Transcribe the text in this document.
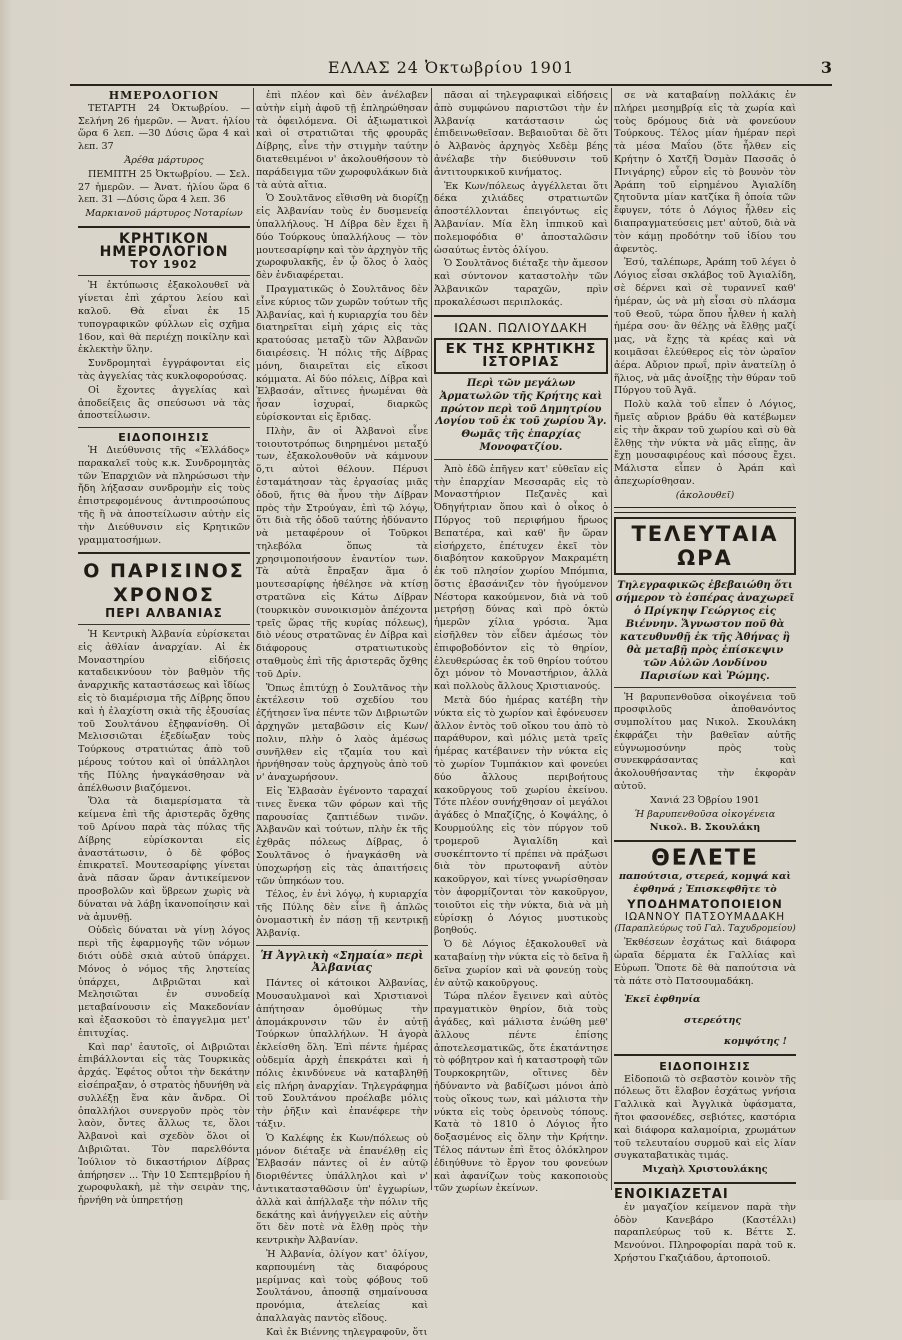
ΕΛΛΑΣ 24 Ὀκτωβρίου 1901	3
ΗΜΕΡΟΛΟΓΙΟΝ

ΤΕΤΑΡΤΗ 24 Ὀκτωβρίου. — Σελήνη 26 ἡμερῶν. — Ἀνατ. ἡλίου ὥρα 6 λεπ. —30 Δύσις ὥρα 4 καὶ λεπ. 37

Ἀρέθα μάρτυρος

ΠΕΜΠΤΗ 25 Ὀκτωβρίου. — Σελ. 27 ἡμερῶν. — Ἀνατ. ἡλίου ὥρα 6 λεπ. 31 —Δύσις ὥρα 4 λεπ. 36

Μαρκιανοῦ μάρτυρος Νοταρίων

ΚΡΗΤΙΚΟΝ ΗΜΕΡΟΛΟΓΙΟΝ
ΤΟΥ 1902

Ἡ ἐκτύπωσις ἐξακολουθεῖ νὰ γίνεται ἐπὶ χάρτου λείου καὶ καλοῦ. Θὰ εἶναι ἐκ 15 τυπογραφικῶν φύλλων εἰς σχῆμα 16ον, καὶ θὰ περιέχῃ ποικίλην καὶ ἐκλεκτὴν ὕλην.

Συνδρομηταὶ ἐγγράφονται εἰς τὰς ἀγγελίας τὰς κυκλοφορούσας.

Οἱ ἔχοντες ἀγγελίας καὶ ἀποδείξεις ἃς σπεύσωσι νὰ τὰς ἀποστείλωσιν.

ΕΙΔΟΠΟΙΗΣΙΣ

Ἡ Διεύθυνσις τῆς «Ἑλλάδος» παρακαλεῖ τοὺς κ.κ. Συνδρομητὰς τῶν Ἐπαρχιῶν νὰ πληρώσωσι τὴν ἤδη λήξασαν συνδρομὴν εἰς τοὺς ἐπιστρεφομένους ἀντιπροσώπους τῆς ἢ νὰ ἀποστείλωσιν αὐτὴν εἰς τὴν Διεύθυνσιν εἰς Κρητικῶν γραμματοσήμων.

Ο ΠΑΡΙΣΙΝΟΣ ΧΡΟΝΟΣ
ΠΕΡΙ ΑΛΒΑΝΙΑΣ

Ἡ Κεντρικὴ Ἀλβανία εὑρίσκεται εἰς ἀθλίαν ἀναρχίαν. Αἱ ἐκ Μοναστηρίου εἰδήσεις καταδεικνύουν τὸν βαθμὸν τῆς ἀναρχικῆς καταστάσεως καὶ ἴδίως εἰς τὸ διαμέρισμα τῆς Δίβρης ὅπου καὶ ἡ ἐλαχίστη σκιὰ τῆς ἐξουσίας τοῦ Σουλτάνου ἐξηφανίσθη. Οἱ Μελισσιῶται ἐξεδίωξαν τοὺς Τούρκους στρατιώτας ἀπὸ τοῦ μέρους τούτου καὶ οἱ ὑπάλληλοι τῆς Πύλης ἠναγκάσθησαν νὰ ἀπέλθωσιν βιαζόμενοι.

Ὅλα τὰ διαμερίσματα τὰ κείμενα ἐπὶ τῆς ἀριστερᾶς ὄχθης τοῦ Δρίνου παρὰ τὰς πύλας τῆς Δίβρης εὑρίσκονται εἰς ἀναστάτωσιν, ὁ δὲ φόβος ἐπικρατεῖ. Μουτεσαρίφης γίνεται ἀνὰ πᾶσαν ὥραν ἀντικείμενον προσβολῶν καὶ ὕβρεων χωρὶς νὰ δύναται νὰ λάβῃ ἱκανοποίησιν καὶ νὰ ἀμυνθῇ.

Οὐδεὶς δύναται νὰ γίνῃ λόγος περὶ τῆς ἐφαρμογῆς τῶν νόμων διότι οὐδὲ σκιὰ αὐτοῦ ὑπάρχει. Μόνος ὁ νόμος τῆς ληστείας ὑπάρχει, Διβριῶται καὶ Μελησιῶται ἐν συνοδείᾳ μεταβαίνουσιν εἰς Μακεδονίαν καὶ ἐξασκοῦσι τὸ ἐπαγγελμα μετ' ἐπιτυχίας.

Καὶ παρ' ἑαυτοῖς, οἱ Διβριῶται ἐπιβάλλονται εἰς τὰς Τουρκικὰς ἀρχάς. Ἐφέτος οὗτοι τὴν δεκάτην εἰσέπραξαν, ὁ στρατὸς ἠδυνήθη νὰ συλλέξῃ ἕνα κὰν ἄνδρα. Οἱ ὀπαλλήλοι συνεργοῦν πρὸς τὸν λαὸν, ὄντες ἄλλως τε, ὅλοι Ἀλβανοὶ καὶ σχεδὸν ὅλοι οἱ Διβριῶται. Τὸν παρελθόντα Ἰούλιον τὸ δικαστήριον Δίβρας ἀπήρησεν ... Τὴν 10 Σεπτεμβρίου ἡ χωροφυλακὴ, μὲ τὴν σειρὰν της, ἠρνήθη νὰ ὑπηρετήσῃ

ἐπὶ πλέον καὶ δὲν ἀνέλαβεν αὐτὴν εἰμὴ ἀφοῦ τῇ ἐπληρώθησαν τὰ ὀφειλόμενα. Οἱ ἀξιωματικοὶ καὶ οἱ στρατιῶται τῆς φρουρᾶς Δίβρης, εἶνε τὴν στιγμὴν ταύτην διατεθειμένοι ν' ἀκολουθήσουν τὸ παράδειγμα τῶν χωροφυλάκων διὰ τὰ αὐτὰ αἴτια.

Ὁ Σουλτᾶνος εἴθισθη νὰ διορίζῃ εἰς Ἀλβανίαν τοὺς ἐν δυσμενείᾳ ὑπαλλήλους. Ἡ Δίβρα δὲν ἔχει ἢ δύο Τούρκους ὑπαλλήλους — τὸν μουτεσαρίφην καὶ τὸν ἀρχηγὸν τῆς χωροφυλακῆς, ἐν ᾧ ὅλος ὁ λαὸς δὲν ἐνδιαφέρεται.

Πραγματικῶς ὁ Σουλτᾶνος δὲν εἶνε κύριος τῶν χωρῶν τούτων τῆς Ἀλβανίας, καὶ ἡ κυριαρχία του δὲν διατηρεῖται εἰμὴ χάρις εἰς τὰς κρατούσας μεταξὺ τῶν Ἀλβανῶν διαιρέσεις. Ἡ πόλις τῆς Δίβρας μόνη, διαιρεῖται εἰς εἴκοσι κόμματα. Αἱ δύο πόλεις, Δίβρα καὶ Ἐλβασάν, αἵτινες ἡνωμέναι θὰ ἦσαν ἰσχυραί, διαρκῶς εὑρίσκονται εἰς ἔριδας.

Πλὴν, ἂν οἱ Ἀλβανοὶ εἶνε τοιουτοτρόπως διηρημένοι μεταξύ των, ἐξακολουθοῦν νὰ κάμνουν ὅ,τι αὐτοὶ θέλουν. Πέρυσι ἐσταμάτησαν τὰς ἐργασίας μιᾶς ὁδοῦ, ἥτις θὰ ἧνου τὴν Δίβραν πρὸς τὴν Στρούγαν, ἐπὶ τῷ λόγῳ, ὅτι διὰ τῆς ὁδοῦ ταύτης ἠδύναντο νὰ μεταφέρουν οἱ Τοῦρκοι τηλεβόλα ὅπως τὰ χρησιμοποιήσουν ἐναντίον των. Τὰ αὐτὰ ἔπραξαν ἅμα ὁ μουτεσαρίφης ἠθέλησε νὰ κτίσῃ στρατῶνα εἰς Κάτω Δίβραν (τουρκικὸν συνοικισμὸν ἀπέχοντα τρεῖς ὥρας τῆς κυρίας πόλεως), διὸ νέους στρατῶνας ἐν Δίβρα καὶ διάφορους στρατιωτικοὺς σταθμοὺς ἐπὶ τῆς ἀριστερᾶς ὄχθης τοῦ Δρίν.

Ὅπως ἐπιτύχῃ ὁ Σουλτᾶνος τὴν ἐκτέλεσιν τοῦ σχεδίου του ἐζήτησεν ἵνα πέντε τῶν Διβριωτῶν ἀρχηγῶν μεταβῶσιν εἰς Κων/πολιν, πλὴν ὁ λαὸς ἀμέσως συνῆλθεν εἰς τζαμία του καὶ ἠρνήθησαν τοὺς ἀρχηγοὺς ἀπὸ τοῦ ν' ἀναχωρήσουν.

Εἰς Ἐλβασὰν ἐγένοντο ταραχαί τινες ἕνεκα τῶν φόρων καὶ τῆς παρουσίας ζαπτιέδων τινῶν. Ἀλβανῶν καὶ τούτων, πλὴν ἐκ τῆς ἐχθρᾶς πόλεως Δίβρας, ὁ Σουλτᾶνος ὁ ἠναγκάσθη νὰ ὑποχωρήσῃ εἰς τὰς ἀπαιτήσεις τῶν ὑπηκόων του.

Τέλος, ἐν ἑνὶ λόγῳ, ἡ κυριαρχία τῆς Πύλης δὲν εἶνε ἢ ἁπλῶς ὀνομαστικὴ ἐν πάσῃ τῇ κεντρικῇ Ἀλβανίᾳ.

Ἡ Ἀγγλικὴ «Σημαία» περὶ Ἀλβανίας

Πάντες οἱ κάτοικοι Ἀλβανίας, Μουσαυλμανοὶ καὶ Χριστιανοὶ ἀπήτησαν ὁμοθύμως τὴν ἀπομάκρυνσιν τῶν ἐν αὐτῇ Τούρκων ὑπαλλήλων. Ἡ ἀγορὰ ἐκλείσθη ὅλη. Ἐπὶ πέντε ἡμέρας οὐδεμία ἀρχὴ ἐπεκράτει καὶ ἡ πόλις ἐκινδύνευε νὰ καταβληθῇ εἰς πλήρη ἀναρχίαν. Τηλεγράφημα τοῦ Σουλτάνου προέλαβε μόλις τὴν ῥῆξιν καὶ ἐπανέφερε τὴν τάξιν.

Ὁ Καλέφης ἐκ Κων/πόλεως οὐ μόνον διέταξε νὰ ἐπανέλθῃ εἰς Ἐλβασάν πάντες οἱ ἐν αὐτῷ διοριθέντες ὑπάλληλοι καὶ ν' ἀντικατασταθῶσιν ὑπ' ἐγχωρίων, ἀλλὰ καὶ ἀπήλλαξε τὴν πόλιν τῆς δεκάτης καὶ ἀνήγγειλεν εἰς αὐτὴν ὅτι δὲν ποτὲ νὰ ἔλθῃ πρὸς τὴν κεντρικὴν Ἀλβανίαν.

Ἡ Ἀλβανία, ὀλίγον κατ' ὀλίγον, καρπουμένη τὰς διαφόρους μερίμνας καὶ τοὺς φόβους τοῦ Σουλτάνου, ἀποσπᾷ σημαίνουσα προνόμια, ἀτελείας καὶ ἀπαλλαγὰς παντὸς εἴδους.

Καὶ ἐκ Βιέννης τηλεγραφοῦν, ὅτι

πᾶσαι αἱ τηλεγραφικαὶ εἰδήσεις ἀπὸ συμφώνου παριστῶσι τὴν ἐν Ἀλβανίᾳ κατάστασιν ὡς ἐπιδεινωθεῖσαν. Βεβαιοῦται δὲ ὅτι ὁ Ἀλβανὸς ἀρχηγὸς Χεδὲμ βέης ἀνέλαβε τὴν διεύθυνσιν τοῦ ἀντιτουρκικοῦ κινήματος.

Ἐκ Κων/πόλεως ἀγγέλλεται ὅτι δέκα χιλιάδες στρατιωτῶν ἀποστέλλονται ἐπειγόντως εἰς Ἀλβανίαν. Μία ἔλη ἱππικοῦ καὶ πολεμοφόδια θ' ἀποσταλῶσιν ὡσαύτως ἐντὸς ὀλίγου.

Ὁ Σουλτᾶνος διέταξε τὴν ἄμεσον καὶ σύντονον καταστολὴν τῶν Ἀλβανικῶν ταραχῶν, πρὶν προκαλέσωσι περιπλοκάς.

ΙΩΑΝ. ΠΩΛΙΟΥΔΑΚΗ
ΕΚ ΤΗΣ ΚΡΗΤΙΚΗΣ ΙΣΤΟΡΙΑΣ

Περὶ τῶν μεγάλων Ἀρματωλῶν τῆς Κρήτης καὶ πρώτον περὶ τοῦ Δημητρίου Λογίου τοῦ ἐκ τοῦ χωρίου Ἅγ. Θωμᾶς τῆς ἐπαρχίας Μονοφατζίου.

Ἀπὸ ἑδῶ ἐπῆγεν κατ' εὐθεῖαν εἰς τὴν ἐπαρχίαν Μεσσαρᾶς εἰς τὸ Μοναστήριον Πεζανὲς καὶ Ὀδηγήτριαν ὅπου καὶ ὁ οἶκος ὁ Πύργος τοῦ περιφήμου ἥρωος Βεπατέρα, καὶ καθ' ἣν ὥραν εἰσήρχετο, ἐπέτυχεν ἐκεῖ τὸν διαβόητον κακοῦργον Μακραμέτη ἐκ τοῦ πλησίον χωρίου Μπόμπια, ὅστις ἐβασάνιζεν τὸν ἡγούμενον Νέστορα κακούμενον, διὰ νὰ τοῦ μετρήσῃ δύνας καὶ πρὸ ὀκτὼ ἡμερῶν χίλια γρόσια. Ἅμα εἰσῆλθεν τὸν εἶδεν ἀμέσως τὸν ἐπιφοβοδόντον εἰς τὸ θηρίον, ἐλευθερώσας ἐκ τοῦ θηρίου τούτου ὄχι μόνον τὸ Μοναστήριον, ἀλλὰ καὶ πολλοὺς ἄλλους Χριστιανούς.

Μετὰ δύο ἡμέρας κατέβη τὴν νύκτα εἰς τὸ χωρίον καὶ ἐφόνευσεν ἄλλον ἐντὸς τοῦ οἴκου του ἀπὸ τὸ παράθυρον, καὶ μόλις μετὰ τρεῖς ἡμέρας κατέβαινεν τὴν νύκτα εἰς τὸ χωρίον Τυμπάκιον καὶ φονεύει δύο ἄλλους περιβοήτους κακοῦργους τοῦ χωρίου ἐκείνου. Τότε πλέον συνήχθησαν οἱ μεγάλοι ἀγάδες ὁ Μπαζίζης, ὁ Κοψάλης, ὁ Κουρμούλης εἰς τὸν πύργον τοῦ τρομεροῦ Ἀγιαλίδη καὶ συσκέπτοντο τί πρέπει νὰ πράξωσι διὰ τὸν πρωτοφανῆ αὐτὸν κακοῦργον, καὶ τίνες γνωρίσθησαν τὸν ἀφορμίζονται τὸν κακοῦργον, τοιοῦτοι εἰς τὴν νύκτα, διὰ νὰ μὴ εὑρίσκῃ ὁ Λόγιος μυστικοὺς βοηθούς.

Ὁ δὲ Λόγιος ἐξακολουθεῖ νὰ καταβαίνῃ τὴν νύκτα εἰς τὸ δεῖνα ἢ δεῖνα χωρίον καὶ νὰ φονεύῃ τοὺς ἐν αὐτῷ κακοῦργους.

Τώρα πλέον ἔγεινεν καὶ αὐτὸς πραγματικὸν θηρίον, διὰ τοὺς ἀγάδες, καὶ μάλιστα ἐνώθη μεθ' ἄλλους πέντε ἐπίσης ἀποτελεσματικῶς, ὅτε ἐκατάντησε τὸ φόβητρον καὶ ἡ καταστροφὴ τῶν Τουρκοκρητῶν, οἵτινες δὲν ἠδύναντο νὰ βαδίζωσι μόνοι ἀπὸ τοὺς οἴκους των, καὶ μάλιστα τὴν νύκτα εἰς τοὺς ὀρεινοὺς τόπους. Κατὰ τὸ 1810 ὁ Λόγιος ἦτο δοξασμένος εἰς ὅλην τὴν Κρήτην. Τέλος πάντων ἐπὶ ἔτος ὁλόκληρον ἐδιηύθυνε τὸ ἔργον του φονεύων καὶ ἀφανίζων τοὺς κακοποιοὺς τῶν χωρίων ἐκείνων.

σε νὰ καταβαίνῃ πολλάκις ἐν πλήρει μεσημβρίᾳ εἰς τὰ χωρία καὶ τοὺς δρόμους διὰ νὰ φονεύουν Τούρκους. Τέλος μίαν ἡμέραν περὶ τὰ μέσα Μαΐου (ὅτε ἦλθεν εἰς Κρήτην ὁ Χατζῆ Ὀσμὰν Πασσᾶς ὁ Πνιγάρης) εὗρον εἰς τὸ βουνὸν τὸν Ἀράπη τοῦ εἰρημένου Ἀγιαλίδη ζητοῦντα μίαν κατζίκα ἣ ὁποία τῶν ἔφυγεν, τότε ὁ Λόγιος ἦλθεν εἰς διαπραγματεύσεις μετ' αὐτοῦ, διὰ νὰ τὸν κάμῃ προδότην τοῦ ἰδίου του ἀφεντὸς.

Ἐσύ, ταλέπωρε, Ἀράπη τοῦ λέγει ὁ Λόγιος εἶσαι σκλάβος τοῦ Ἀγιαλίδη, σὲ δέρνει καὶ σὲ τυραννεῖ καθ' ἡμέραν, ὡς νὰ μὴ εἶσαι σὺ πλάσμα τοῦ Θεοῦ, τώρα ὅπου ἦλθεν ἡ καλὴ ἡμέρα σου· ἂν θέλῃς νὰ ἔλθῃς μαζί μας, νὰ ἔχῃς τὰ κρέας καὶ νὰ κοιμᾶσαι ἐλεύθερος εἰς τὸν ὡραῖον ἀέρα. Αὔριον πρωΐ, πρὶν ἀνατείλῃ ὁ ἥλιος, νὰ μᾶς ἀνοίξῃς τὴν θύραν τοῦ Πύργου τοῦ Ἀγᾶ.

Πολὺ καλὰ τοῦ εἶπεν ὁ Λόγιος, ἤμεῖς αὔριον βράδυ θὰ κατέβωμεν εἰς τὴν ἄκραν τοῦ χωρίου καὶ σὺ θὰ ἔλθῃς τὴν νύκτα νὰ μᾶς εἴπῃς, ἂν ἔχῃ μουσαφιρέους καὶ πόσους ἔχει. Μάλιστα εἶπεν ὁ Ἀράπ καὶ ἀπεχωρίσθησαν.

(ἀκολουθεῖ)

ΤΕΛΕΥΤΑΙΑ ΩΡΑ

Τηλεγραφικῶς ἐβεβαιώθη ὅτι σήμερον τὸ ἑσπέρας ἀναχωρεῖ ὁ Πρίγκηψ Γεώργιος εἰς Βιέννην. Ἄγνωστον ποῦ θὰ κατευθυνθῇ ἐκ τῆς Ἀθήνας ἢ θὰ μεταβῇ πρὸς ἐπίσκεψιν τῶν Αὐλῶν Λονδίνου Παρισίων καὶ Ῥώμης.

Ἡ βαρυπενθοῦσα οἰκογένεια τοῦ προσφιλοῦς ἀποθανόντος συμπολίτου μας Νικολ. Σκουλάκη ἐκφράζει τὴν βαθεῖαν αὐτῆς εὐγνωμοσύνην πρὸς τοὺς συνεκφράσαντας καὶ ἀκολουθήσαντας τὴν ἐκφορὰν αὐτοῦ.

Χανιά 23 Ὀβρίου 1901

Ἡ βαρυπενθοῦσα οἰκογένεια

Νικολ. Β. Σκουλάκη

ΘΕΛΕΤΕ

παπούτσια, στερεά, κομψά καὶ ἐφθηνά ; Ἐπισκεφθῆτε τὸ

ΥΠΟΔΗΜΑΤΟΠΟΙΕΙΟΝ
ΙΩΑΝΝΟΥ ΠΑΤΣΟΥΜΑΔΑΚΗ

(Παραπλεύρως τοῦ Γαλ. Ταχυδρομείου)

Ἐκθέσεων ἐσχάτως καὶ διάφορα ὡραῖα δέρματα ἐκ Γαλλίας καὶ Εὐρωπ. Ὅποτε δὲ θὰ παπούτσια νὰ τὰ πάτε στὸ Πατσουμαδάκη.

Ἐκεῖ ἐφθηνία

στερεότης

κομψότης !

ΕΙΔΟΠΟΙΗΣΙΣ

Εἰδοποιῶ τὸ σεβαστὸν κοινὸν τῆς πόλεως ὅτι ἔλαβον ἐσχάτως γνήσια Γαλλικὰ καὶ Ἀγγλικὰ ὑφάσματα, ἤτοι φασονέδες, σεβιότες, καστόρια καὶ διάφορα καλαμοίρια, χρωμάτων τοῦ τελευταίου συρμοῦ καὶ εἰς λίαν συγκαταβατικὰς τιμάς.

Μιχαὴλ Χριστουλάκης

ΕΝΟΙΚΙΑΖΕΤΑΙ

ἐν μαγαζίον κείμενον παρὰ τὴν ὁδὸν Κανεβάρο (Καστέλλι) παραπλεύρως τοῦ κ. Βέττε Σ. Μενούνοι. Πληροφορίαι παρὰ τοῦ κ. Χρήστου Γκαζιάδου, ἀρτοποιοῦ.
